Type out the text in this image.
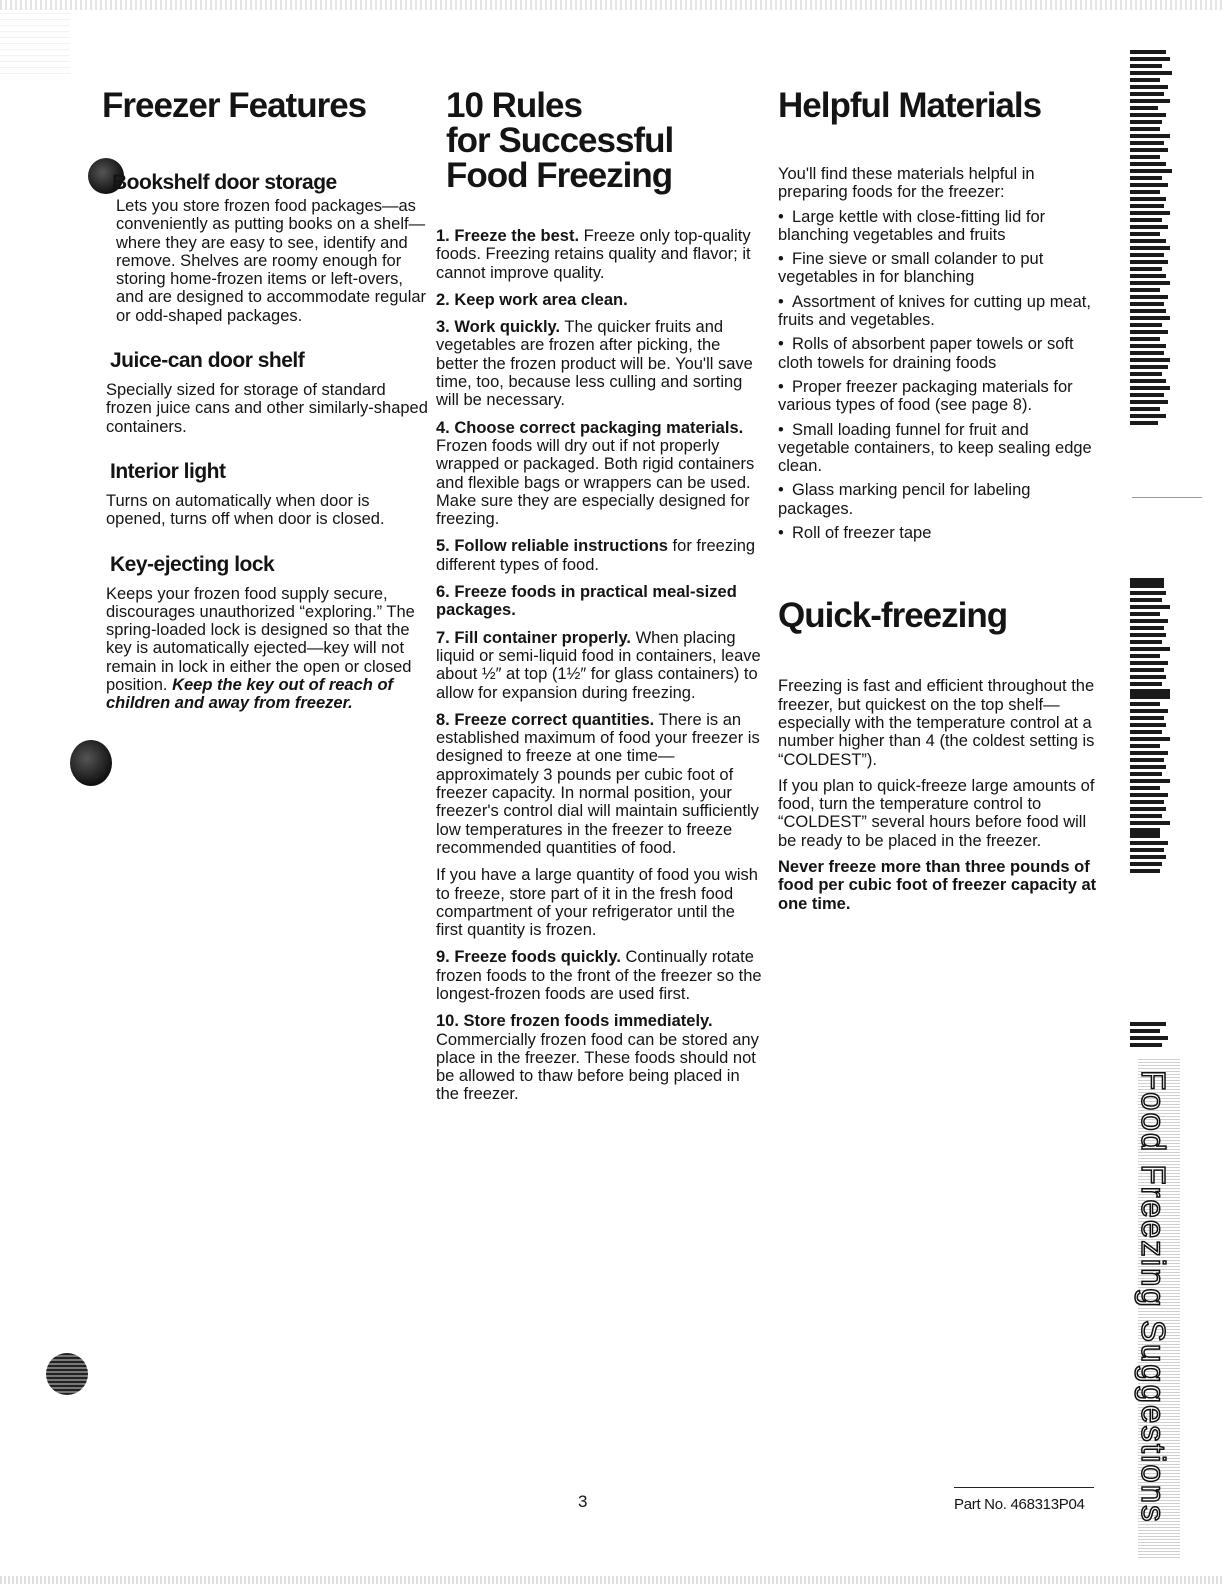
Freezer Features
Bookshelf door storage

Lets you store frozen food packages—as conveniently as putting books on a shelf—where they are easy to see, identify and remove. Shelves are roomy enough for storing home-frozen items or left-overs, and are designed to accommodate regular or odd-shaped packages.

Juice-can door shelf

Specially sized for storage of standard frozen juice cans and other similarly-shaped containers.

Interior light

Turns on automatically when door is opened, turns off when door is closed.

Key-ejecting lock

Keeps your frozen food supply secure, discourages unauthorized “exploring.” The spring-loaded lock is designed so that the key is automatically ejected—key will not remain in lock in either the open or closed position. Keep the key out of reach of children and away from freezer.

10 Rules
for Successful
Food Freezing

1. Freeze the best. Freeze only top-quality foods. Freezing retains quality and flavor; it cannot improve quality.

2. Keep work area clean.

3. Work quickly. The quicker fruits and vegetables are frozen after picking, the better the frozen product will be. You'll save time, too, because less culling and sorting will be necessary.

4. Choose correct packaging materials. Frozen foods will dry out if not properly wrapped or packaged. Both rigid containers and flexible bags or wrappers can be used. Make sure they are especially designed for freezing.

5. Follow reliable instructions for freezing different types of food.

6. Freeze foods in practical meal-sized packages.

7. Fill container properly. When placing liquid or semi-liquid food in containers, leave about ½″ at top (1½″ for glass containers) to allow for expansion during freezing.

8. Freeze correct quantities. There is an established maximum of food your freezer is designed to freeze at one time—approximately 3 pounds per cubic foot of freezer capacity. In normal position, your freezer's control dial will maintain sufficiently low temperatures in the freezer to freeze recommended quantities of food.

If you have a large quantity of food you wish to freeze, store part of it in the fresh food compartment of your refrigerator until the first quantity is frozen.

9. Freeze foods quickly. Continually rotate frozen foods to the front of the freezer so the longest-frozen foods are used first.

10. Store frozen foods immediately. Commercially frozen food can be stored any place in the freezer. These foods should not be allowed to thaw before being placed in the freezer.

Helpful Materials

You'll find these materials helpful in preparing foods for the freezer:

• Large kettle with close-fitting lid for blanching vegetables and fruits

• Fine sieve or small colander to put vegetables in for blanching

• Assortment of knives for cutting up meat, fruits and vegetables.

• Rolls of absorbent paper towels or soft cloth towels for draining foods

• Proper freezer packaging materials for various types of food (see page 8).

• Small loading funnel for fruit and vegetable containers, to keep sealing edge clean.

• Glass marking pencil for labeling packages.

• Roll of freezer tape

Quick-freezing

Freezing is fast and efficient throughout the freezer, but quickest on the top shelf—especially with the temperature control at a number higher than 4 (the coldest setting is “COLDEST”).

If you plan to quick-freeze large amounts of food, turn the temperature control to “COLDEST” several hours before food will be ready to be placed in the freezer.

Never freeze more than three pounds of food per cubic foot of freezer capacity at one time.

Food Freezing Suggestions
3	Part No. 468313P04
